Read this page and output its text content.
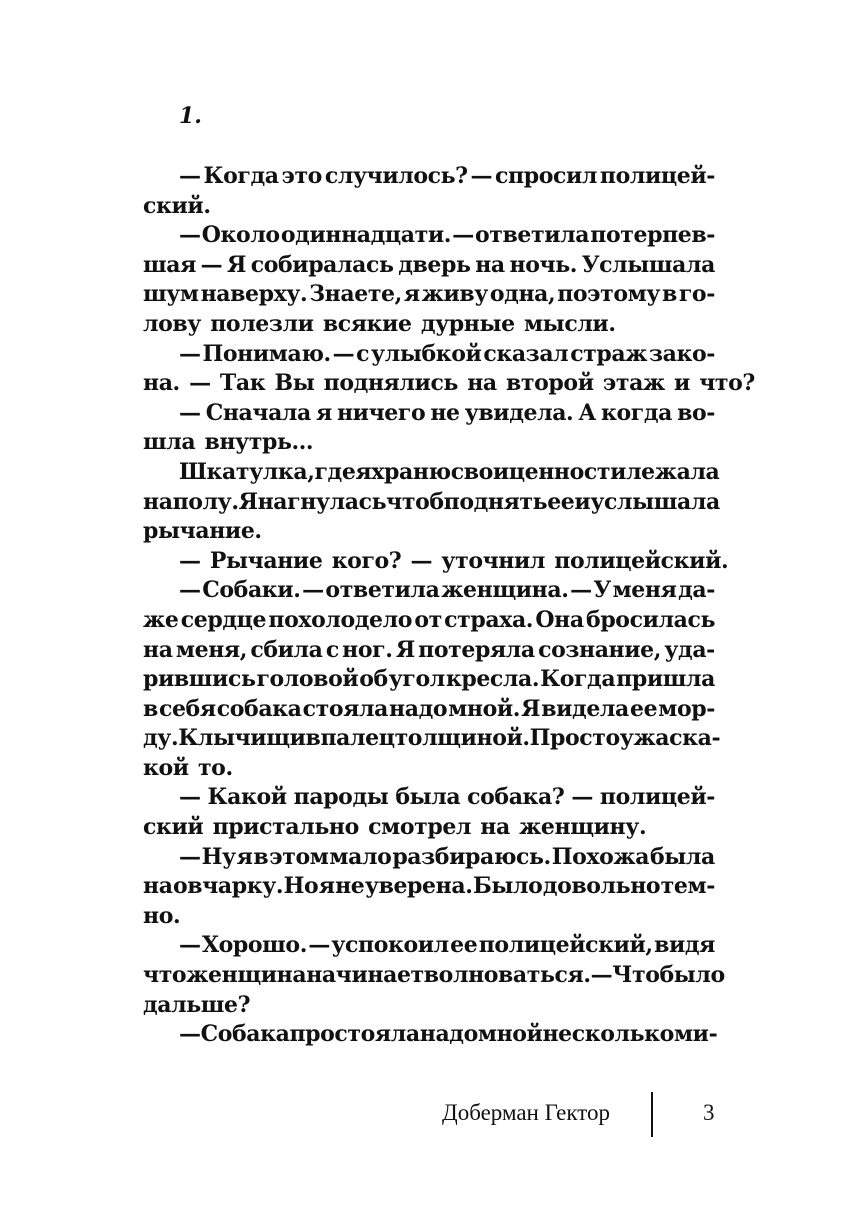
1.
— Когда это случилось? — спросил полицей-
ский.
— Около одиннадцати. — ответила потерпев-
шая — Я собиралась дверь на ночь. Услышала
шум наверху. Знаете, я живу одна, поэтому в го-
лову полезли всякие дурные мысли.
— Понимаю. — с улыбкой сказал страж зако-
на. — Так Вы поднялись на второй этаж и что?
— Сначала я ничего не увидела. А когда во-
шла внутрь…
Шкатулка, где я храню свои ценности лежала
на полу. Я нагнулась чтоб поднять ее и услышала
рычание.
— Рычание кого? — уточнил полицейский.
— Собаки. — ответила женщина. — У меня да-
же сердце похолодело от страха. Она бросилась
на меня, сбила с ног. Я потеряла сознание, уда-
рившись головой об угол кресла. Когда пришла
в себя собака стояла надо мной. Я видела ее мор-
ду. Клычищи в палец толщиной. Просто ужас ка-
кой то.
— Какой пароды была собака? — полицей-
ский пристально смотрел на женщину.
— Ну я в этом мало разбираюсь. Похожа была
на овчарку. Но я не уверена. Было довольно тем-
но.
— Хорошо. — успокоил ее полицейский, видя
что женщина начинает волноваться. — Что было
дальше?
— Собака простояла надо мной несколько ми-
Доберман Гектор	3
